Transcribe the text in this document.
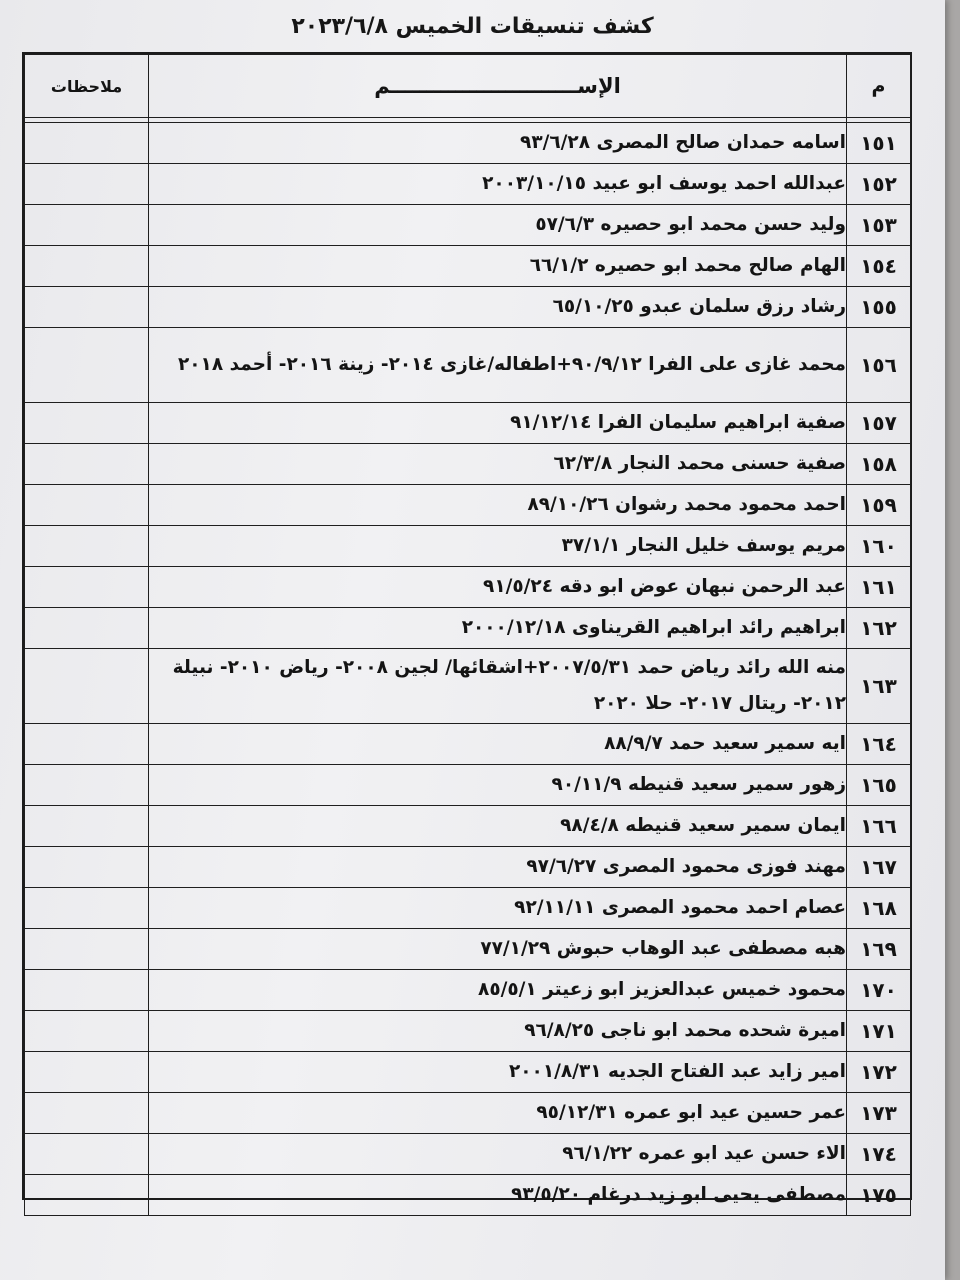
كشف تنسيقات الخميس ٢٠٢٣/٦/٨
م	الإســــــــــــــــــــــــــم	ملاحظات

١٥١	اسامه حمدان صالح المصرى ٩٣/٦/٢٨	
١٥٢	عبدالله احمد يوسف ابو عبيد ٢٠٠٣/١٠/١٥	
١٥٣	وليد حسن محمد ابو حصيره ٥٧/٦/٣	
١٥٤	الهام صالح محمد ابو حصيره ٦٦/١/٢	
١٥٥	رشاد رزق سلمان عبدو ٦٥/١٠/٢٥	
١٥٦	محمد غازى على الفرا ٩٠/٩/١٢+اطفاله/غازى ٢٠١٤- زينة ٢٠١٦- أحمد ٢٠١٨	
١٥٧	صفية ابراهيم سليمان الفرا ٩١/١٢/١٤	
١٥٨	صفية حسنى محمد النجار ٦٢/٣/٨	
١٥٩	احمد محمود محمد رشوان ٨٩/١٠/٢٦	
١٦٠	مريم يوسف خليل النجار ٣٧/١/١	
١٦١	عبد الرحمن نبهان عوض ابو دقه ٩١/٥/٢٤	
١٦٢	ابراهيم رائد ابراهيم القريناوى ٢٠٠٠/١٢/١٨	
١٦٣	منه الله رائد رياض حمد ٢٠٠٧/٥/٣١+اشقائها/ لجين ٢٠٠٨- رياض ٢٠١٠- نبيلة ٢٠١٢- ريتال ٢٠١٧- حلا ٢٠٢٠	
١٦٤	ايه سمير سعيد حمد ٨٨/٩/٧	
١٦٥	زهور سمير سعيد قنيطه ٩٠/١١/٩	
١٦٦	ايمان سمير سعيد قنيطه ٩٨/٤/٨	
١٦٧	مهند فوزى محمود المصرى ٩٧/٦/٢٧	
١٦٨	عصام احمد محمود المصرى ٩٢/١١/١١	
١٦٩	هبه مصطفى عبد الوهاب حبوش ٧٧/١/٢٩	
١٧٠	محمود خميس عبدالعزيز ابو زعيتر ٨٥/٥/١	
١٧١	اميرة شحده محمد ابو ناجى ٩٦/٨/٢٥	
١٧٢	امير زايد عبد الفتاح الجديه ٢٠٠١/٨/٣١	
١٧٣	عمر حسين عيد ابو عمره ٩٥/١٢/٣١	
١٧٤	الاء حسن عيد ابو عمره ٩٦/١/٢٢	
١٧٥	مصطفى يحيى ابو زيد درغام ٩٣/٥/٢٠	
